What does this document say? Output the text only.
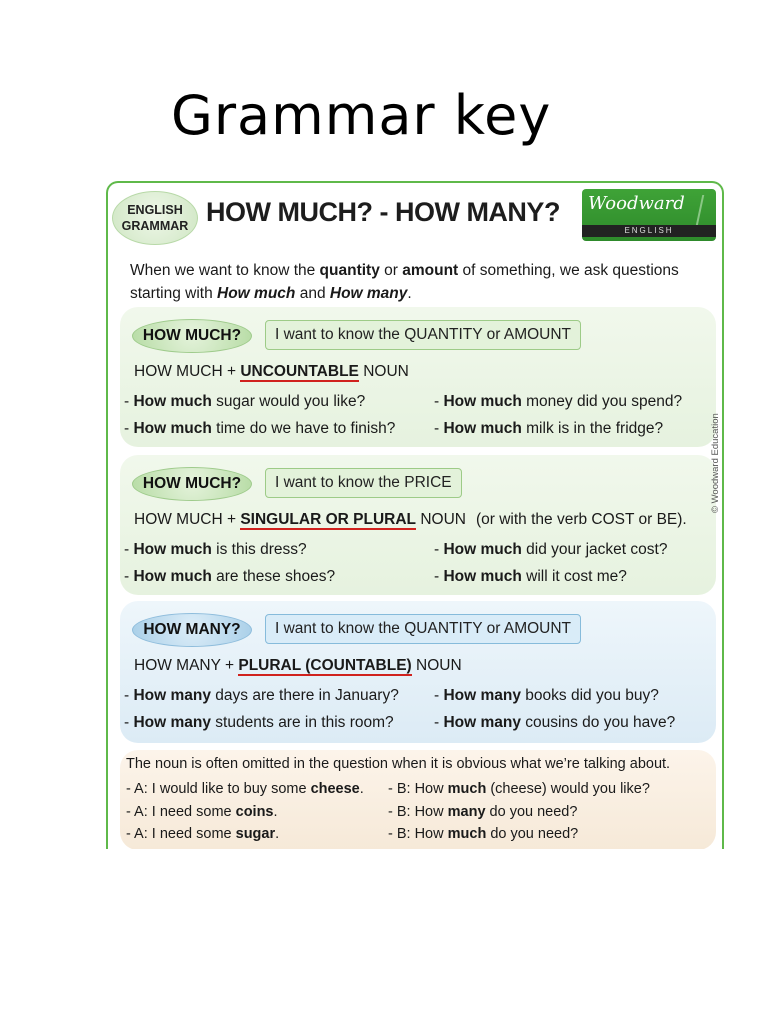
Grammar key
ENGLISH
GRAMMAR HOW MUCH? - HOW MANY? Woodward
ENGLISH
When we want to know the quantity or amount of something, we ask questions starting with How much and How many.
HOW MUCH?	I want to know the QUANTITY or AMOUNT
HOW MUCH + UNCOUNTABLE NOUN
- How much sugar would you like?	- How much money did you spend?
- How much time do we have to finish? - How much milk is in the fridge?
HOW MUCH?	I want to know the PRICE
HOW MUCH + SINGULAR OR PLURAL NOUN (or with the verb COST or BE).
- How much is this dress?	- How much did your jacket cost?
- How much are these shoes?	- How much will it cost me?
HOW MANY?	I want to know the QUANTITY or AMOUNT
HOW MANY + PLURAL (COUNTABLE) NOUN
- How many days are there in January? - How many books did you buy?
- How many students are in this room?	- How many cousins do you have?
The noun is often omitted in the question when it is obvious what we’re talking about.
- A: I would like to buy some cheese. - B: How much (cheese) would you like?
- A: I need some coins.	- B: How many do you need?
- A: I need some sugar.	- B: How much do you need?
© Woodward Education
